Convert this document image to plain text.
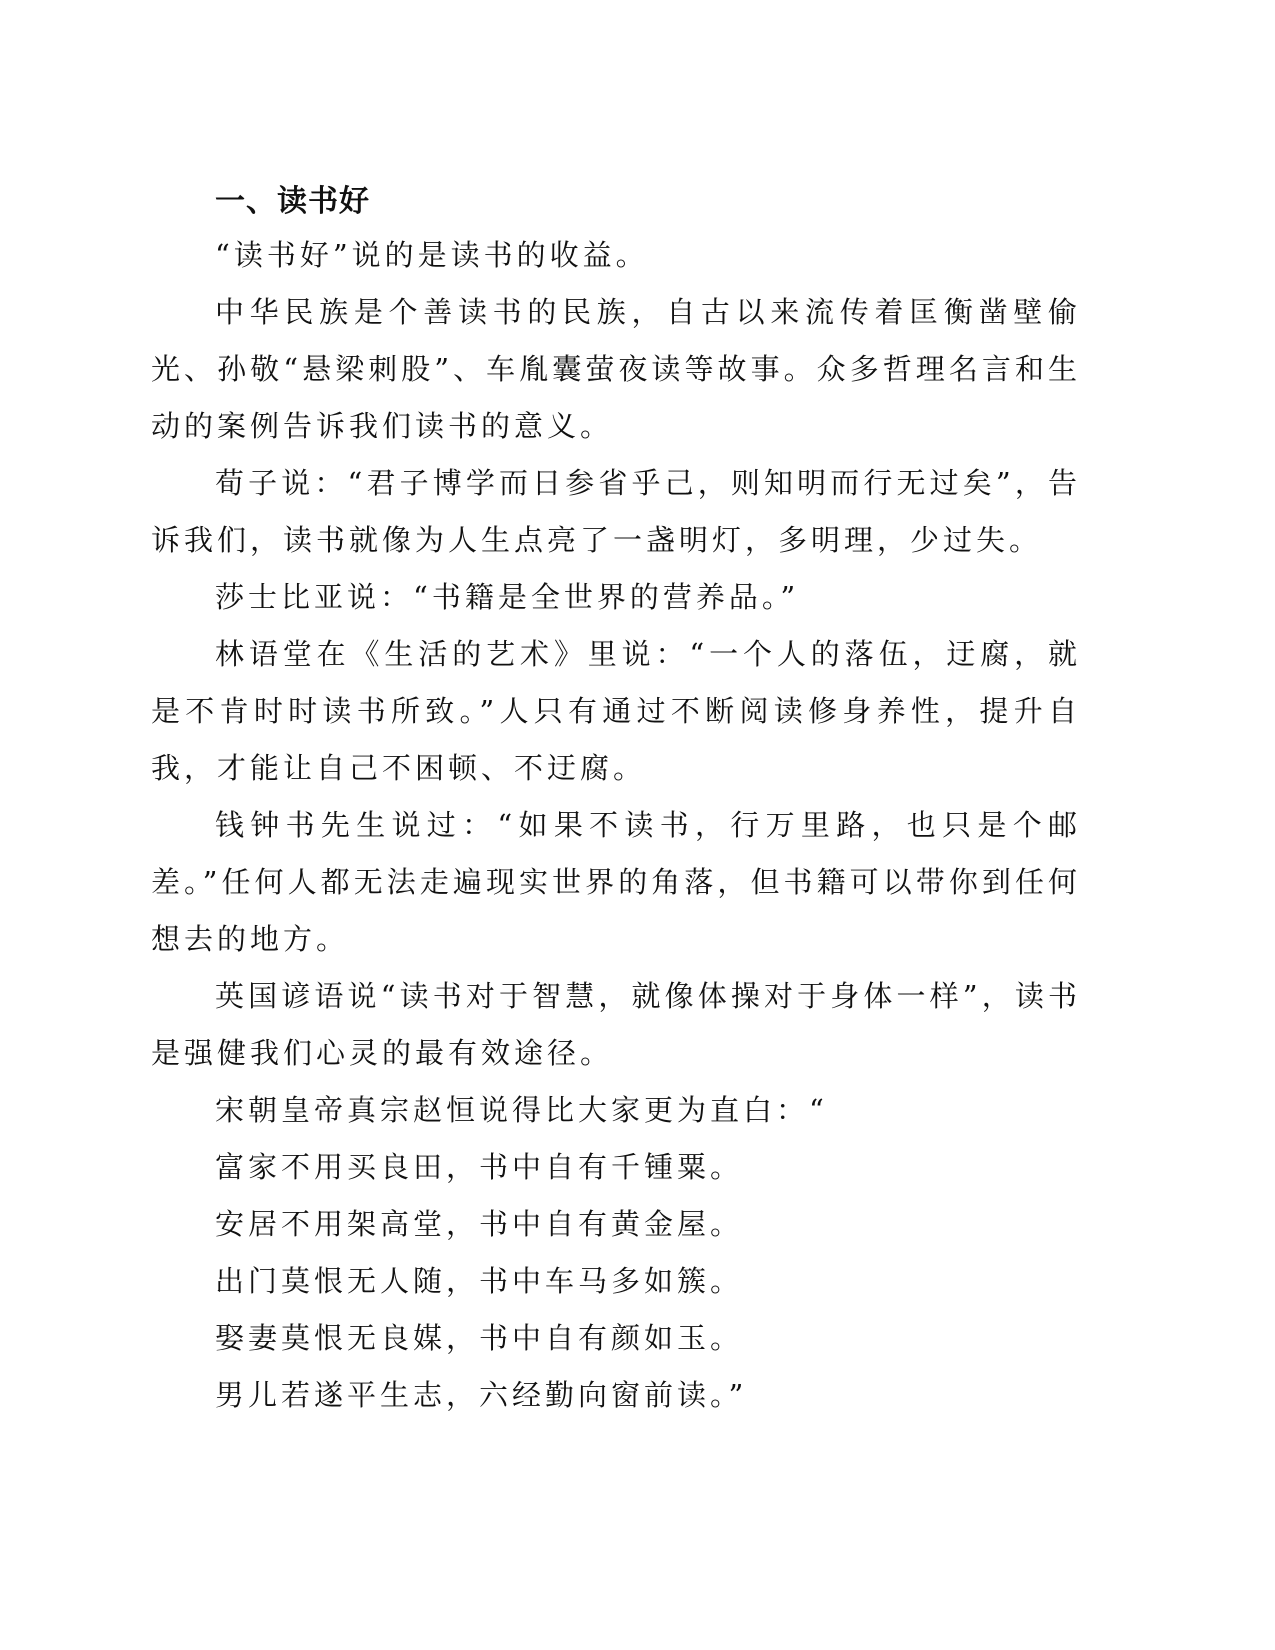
一、读书好

“读书好”说的是读书的收益。

中华民族是个善读书的民族，自古以来流传着匡衡凿壁偷光、孙敬“悬梁刺股”、车胤囊萤夜读等故事。众多哲理名言和生动的案例告诉我们读书的意义。

荀子说：“君子博学而日参省乎己，则知明而行无过矣”，告诉我们，读书就像为人生点亮了一盏明灯，多明理，少过失。

莎士比亚说：“书籍是全世界的营养品。”

林语堂在《生活的艺术》里说：“一个人的落伍，迂腐，就是不肯时时读书所致。”人只有通过不断阅读修身养性，提升自我，才能让自己不困顿、不迂腐。

钱钟书先生说过：“如果不读书，行万里路，也只是个邮差。”任何人都无法走遍现实世界的角落，但书籍可以带你到任何想去的地方。

英国谚语说“读书对于智慧，就像体操对于身体一样”，读书是强健我们心灵的最有效途径。

宋朝皇帝真宗赵恒说得比大家更为直白：“

富家不用买良田，书中自有千锺粟。

安居不用架高堂，书中自有黄金屋。

出门莫恨无人随，书中车马多如簇。

娶妻莫恨无良媒，书中自有颜如玉。

男儿若遂平生志，六经勤向窗前读。”
